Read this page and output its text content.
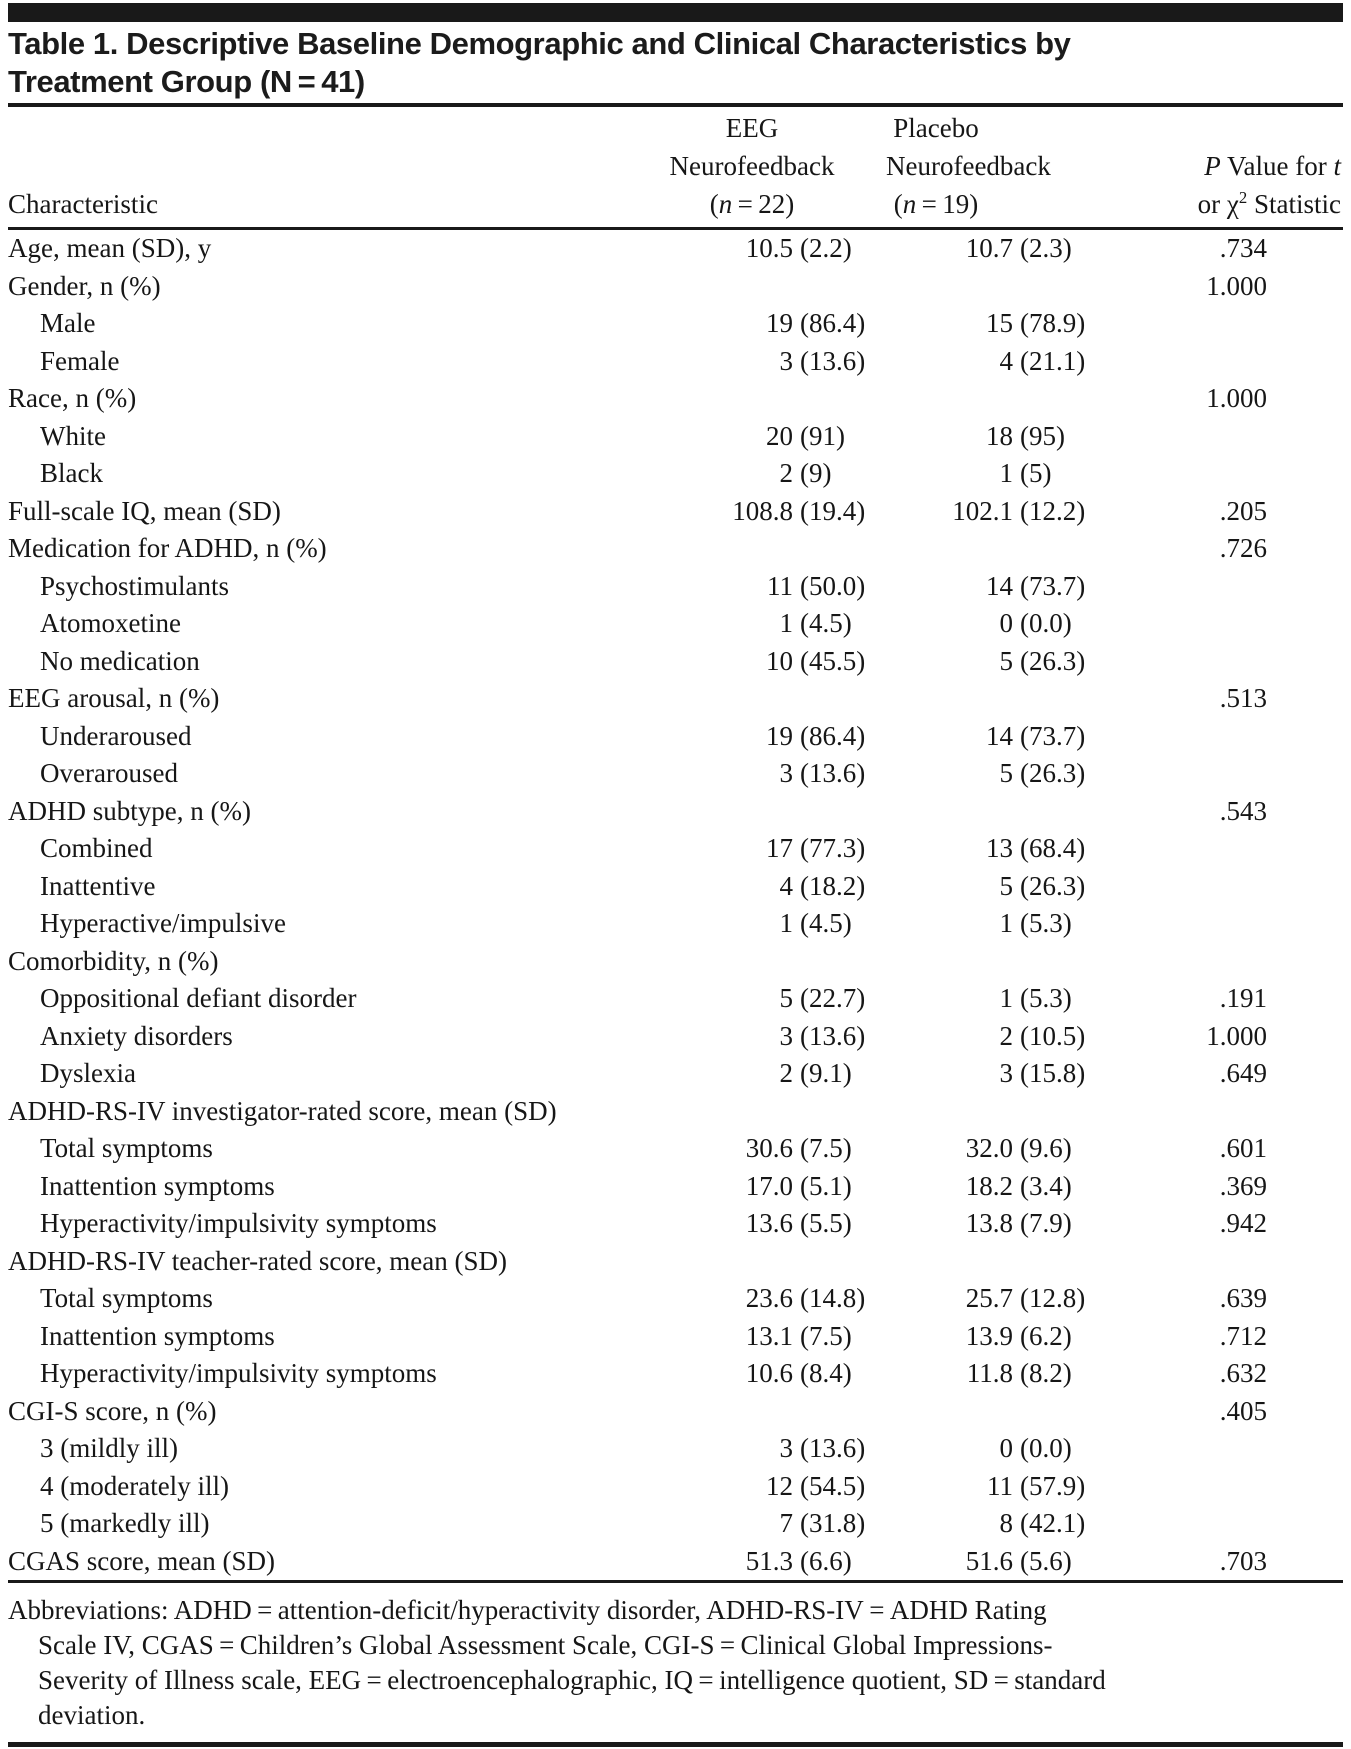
Table 1. Descriptive Baseline Demographic and Clinical Characteristics by
Treatment Group (N = 41)
Characteristic

EEG
Neurofeedback
(n = 22)

Placebo
Neurofeedback
(n = 19)

P Value for t
or $\chi^2$ Statistic

Age, mean (SD), y	10.5 (2.2)	10.7 (2.3)	.734
Gender, n (%)			1.000
Male	19 (86.4)	15 (78.9)	
Female	3 (13.6)	4 (21.1)	
Race, n (%)			1.000
White	20 (91)	18 (95)	
Black	2 (9)	1 (5)	
Full-scale IQ, mean (SD)	108.8 (19.4)	102.1 (12.2)	.205
Medication for ADHD, n (%)			.726
Psychostimulants	11 (50.0)	14 (73.7)	
Atomoxetine	1 (4.5)	0 (0.0)	
No medication	10 (45.5)	5 (26.3)	
EEG arousal, n (%)			.513
Underaroused	19 (86.4)	14 (73.7)	
Overaroused	3 (13.6)	5 (26.3)	
ADHD subtype, n (%)			.543
Combined	17 (77.3)	13 (68.4)	
Inattentive	4 (18.2)	5 (26.3)	
Hyperactive/impulsive	1 (4.5)	1 (5.3)	
Comorbidity, n (%)			
Oppositional defiant disorder	5 (22.7)	1 (5.3)	.191
Anxiety disorders	3 (13.6)	2 (10.5)	1.000
Dyslexia	2 (9.1)	3 (15.8)	.649
ADHD-RS-IV investigator-rated score, mean (SD)			
Total symptoms	30.6 (7.5)	32.0 (9.6)	.601
Inattention symptoms	17.0 (5.1)	18.2 (3.4)	.369
Hyperactivity/impulsivity symptoms	13.6 (5.5)	13.8 (7.9)	.942
ADHD-RS-IV teacher-rated score, mean (SD)			
Total symptoms	23.6 (14.8)	25.7 (12.8)	.639
Inattention symptoms	13.1 (7.5)	13.9 (6.2)	.712
Hyperactivity/impulsivity symptoms	10.6 (8.4)	11.8 (8.2)	.632
CGI-S score, n (%)			.405
3 (mildly ill)	3 (13.6)	0 (0.0)	
4 (moderately ill)	12 (54.5)	11 (57.9)	
5 (markedly ill)	7 (31.8)	8 (42.1)	
CGAS score, mean (SD)	51.3 (6.6)	51.6 (5.6)	.703
Abbreviations: ADHD = attention-deficit/hyperactivity disorder, ADHD-RS-IV = ADHD Rating
Scale IV, CGAS = Children’s Global Assessment Scale, CGI-S = Clinical Global Impressions-
Severity of Illness scale, EEG = electroencephalographic, IQ = intelligence quotient, SD = standard
deviation.
